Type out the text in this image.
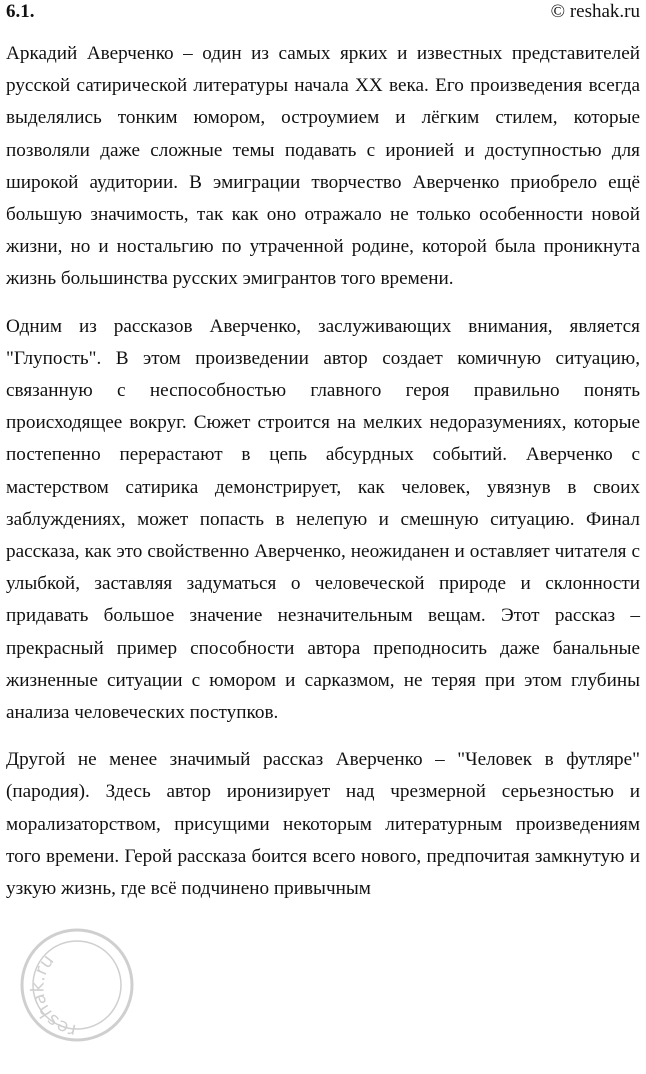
6.1.	© reshak.ru

Аркадий Аверченко – один из самых ярких и известных представителей русской сатирической литературы начала XX века. Его произведения всегда выделялись тонким юмором, остроумием и лёгким стилем, которые позволяли даже сложные темы подавать с иронией и доступностью для широкой аудитории. В эмиграции творчество Аверченко приобрело ещё большую значимость, так как оно отражало не только особенности новой жизни, но и ностальгию по утраченной родине, которой была проникнута жизнь большинства русских эмигрантов того времени.

Одним из рассказов Аверченко, заслуживающих внимания, является "Глупость". В этом произведении автор создает комичную ситуацию, связанную с неспособностью главного героя правильно понять происходящее вокруг. Сюжет строится на мелких недоразумениях, которые постепенно перерастают в цепь абсурдных событий. Аверченко с мастерством сатирика демонстрирует, как человек, увязнув в своих заблуждениях, может попасть в нелепую и смешную ситуацию. Финал рассказа, как это свойственно Аверченко, неожиданен и оставляет читателя с улыбкой, заставляя задуматься о человеческой природе и склонности придавать большое значение незначительным вещам. Этот рассказ – прекрасный пример способности автора преподносить даже банальные жизненные ситуации с юмором и сарказмом, не теряя при этом глубины анализа человеческих поступков.

Другой не менее значимый рассказ Аверченко – "Человек в футляре" (пародия). Здесь автор иронизирует над чрезмерной серьезностью и морализаторством, присущими некоторым литературным произведениям того времени. Герой рассказа боится всего нового, предпочитая замкнутую и узкую жизнь, где всё подчинено привычным

reshak.ru
